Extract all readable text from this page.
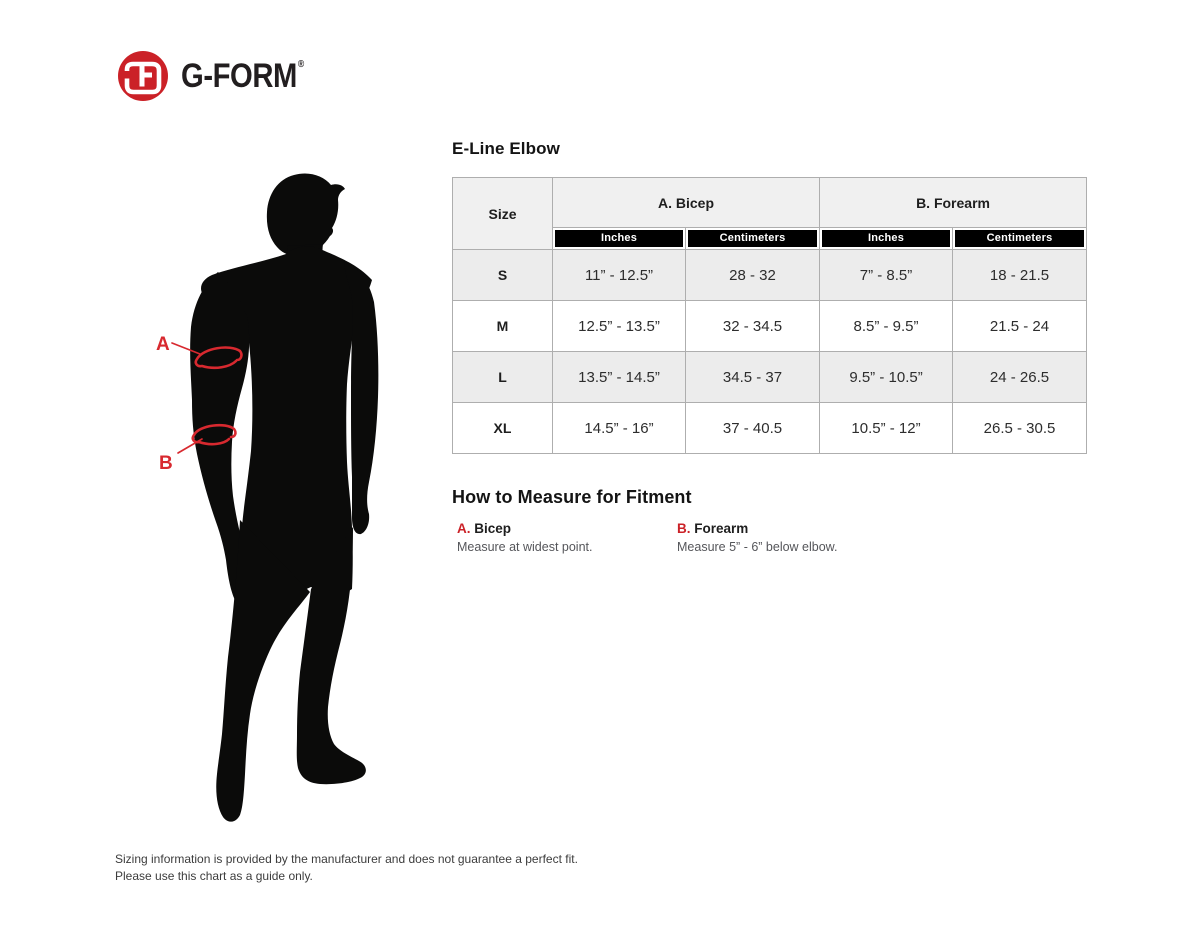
G-FORM®
A
B
E-Line Elbow
Size	A. Bicep		B. Forearm	

	Inches	Centimeters	Inches	Centimeters

S	11” - 12.5”	28 - 32	7” - 8.5”	18 - 21.5
M	12.5” - 13.5”	32 - 34.5	8.5” - 9.5”	21.5 - 24
L	13.5” - 14.5”	34.5 - 37	9.5” - 10.5”	24 - 26.5
XL	14.5” - 16”	37 - 40.5	10.5” - 12”	26.5 - 30.5
How to Measure for Fitment
A. Bicep
Measure at widest point.
B. Forearm
Measure 5” - 6” below elbow.
Sizing information is provided by the manufacturer and does not guarantee a perfect fit.
Please use this chart as a guide only.
